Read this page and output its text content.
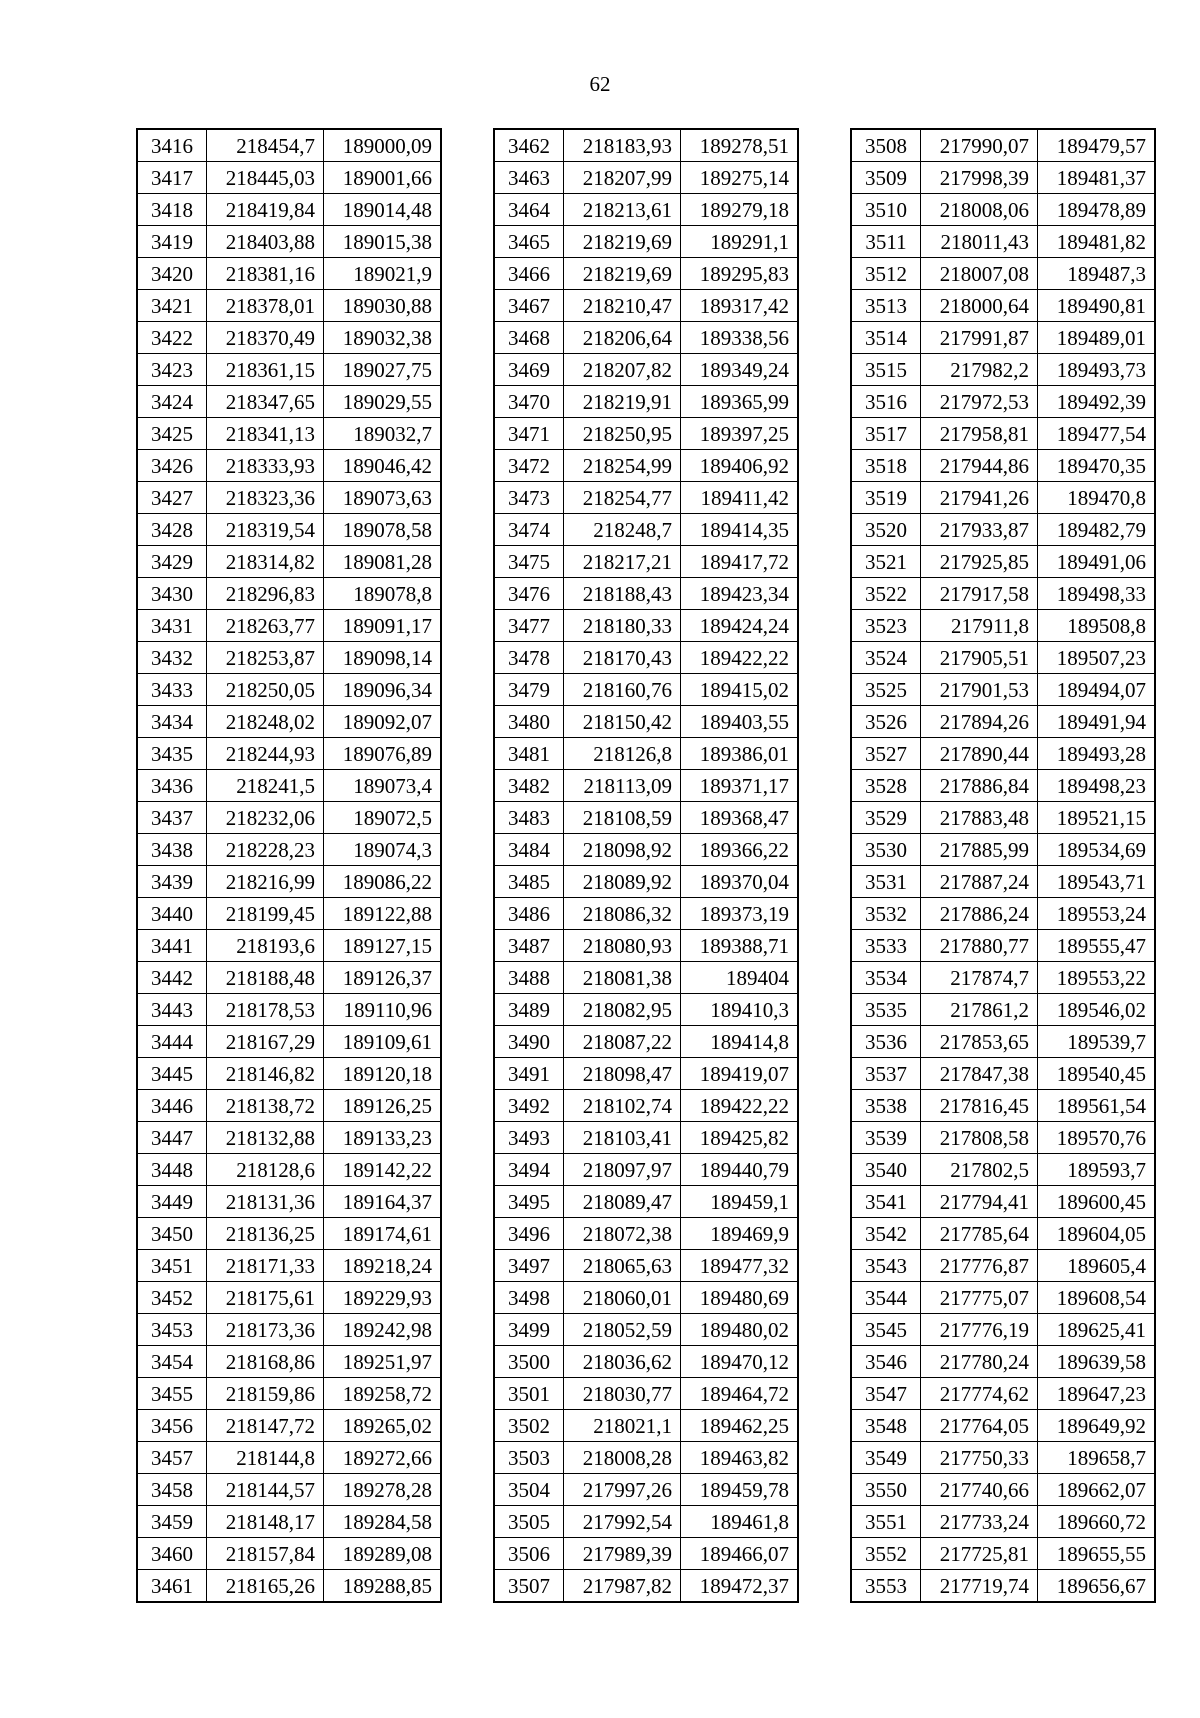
62
3416	218454,7	189000,09
3417	218445,03	189001,66
3418	218419,84	189014,48
3419	218403,88	189015,38
3420	218381,16	189021,9
3421	218378,01	189030,88
3422	218370,49	189032,38
3423	218361,15	189027,75
3424	218347,65	189029,55
3425	218341,13	189032,7
3426	218333,93	189046,42
3427	218323,36	189073,63
3428	218319,54	189078,58
3429	218314,82	189081,28
3430	218296,83	189078,8
3431	218263,77	189091,17
3432	218253,87	189098,14
3433	218250,05	189096,34
3434	218248,02	189092,07
3435	218244,93	189076,89
3436	218241,5	189073,4
3437	218232,06	189072,5
3438	218228,23	189074,3
3439	218216,99	189086,22
3440	218199,45	189122,88
3441	218193,6	189127,15
3442	218188,48	189126,37
3443	218178,53	189110,96
3444	218167,29	189109,61
3445	218146,82	189120,18
3446	218138,72	189126,25
3447	218132,88	189133,23
3448	218128,6	189142,22
3449	218131,36	189164,37
3450	218136,25	189174,61
3451	218171,33	189218,24
3452	218175,61	189229,93
3453	218173,36	189242,98
3454	218168,86	189251,97
3455	218159,86	189258,72
3456	218147,72	189265,02
3457	218144,8	189272,66
3458	218144,57	189278,28
3459	218148,17	189284,58
3460	218157,84	189289,08
3461	218165,26	189288,85
3462	218183,93	189278,51
3463	218207,99	189275,14
3464	218213,61	189279,18
3465	218219,69	189291,1
3466	218219,69	189295,83
3467	218210,47	189317,42
3468	218206,64	189338,56
3469	218207,82	189349,24
3470	218219,91	189365,99
3471	218250,95	189397,25
3472	218254,99	189406,92
3473	218254,77	189411,42
3474	218248,7	189414,35
3475	218217,21	189417,72
3476	218188,43	189423,34
3477	218180,33	189424,24
3478	218170,43	189422,22
3479	218160,76	189415,02
3480	218150,42	189403,55
3481	218126,8	189386,01
3482	218113,09	189371,17
3483	218108,59	189368,47
3484	218098,92	189366,22
3485	218089,92	189370,04
3486	218086,32	189373,19
3487	218080,93	189388,71
3488	218081,38	189404
3489	218082,95	189410,3
3490	218087,22	189414,8
3491	218098,47	189419,07
3492	218102,74	189422,22
3493	218103,41	189425,82
3494	218097,97	189440,79
3495	218089,47	189459,1
3496	218072,38	189469,9
3497	218065,63	189477,32
3498	218060,01	189480,69
3499	218052,59	189480,02
3500	218036,62	189470,12
3501	218030,77	189464,72
3502	218021,1	189462,25
3503	218008,28	189463,82
3504	217997,26	189459,78
3505	217992,54	189461,8
3506	217989,39	189466,07
3507	217987,82	189472,37
3508	217990,07	189479,57
3509	217998,39	189481,37
3510	218008,06	189478,89
3511	218011,43	189481,82
3512	218007,08	189487,3
3513	218000,64	189490,81
3514	217991,87	189489,01
3515	217982,2	189493,73
3516	217972,53	189492,39
3517	217958,81	189477,54
3518	217944,86	189470,35
3519	217941,26	189470,8
3520	217933,87	189482,79
3521	217925,85	189491,06
3522	217917,58	189498,33
3523	217911,8	189508,8
3524	217905,51	189507,23
3525	217901,53	189494,07
3526	217894,26	189491,94
3527	217890,44	189493,28
3528	217886,84	189498,23
3529	217883,48	189521,15
3530	217885,99	189534,69
3531	217887,24	189543,71
3532	217886,24	189553,24
3533	217880,77	189555,47
3534	217874,7	189553,22
3535	217861,2	189546,02
3536	217853,65	189539,7
3537	217847,38	189540,45
3538	217816,45	189561,54
3539	217808,58	189570,76
3540	217802,5	189593,7
3541	217794,41	189600,45
3542	217785,64	189604,05
3543	217776,87	189605,4
3544	217775,07	189608,54
3545	217776,19	189625,41
3546	217780,24	189639,58
3547	217774,62	189647,23
3548	217764,05	189649,92
3549	217750,33	189658,7
3550	217740,66	189662,07
3551	217733,24	189660,72
3552	217725,81	189655,55
3553	217719,74	189656,67
